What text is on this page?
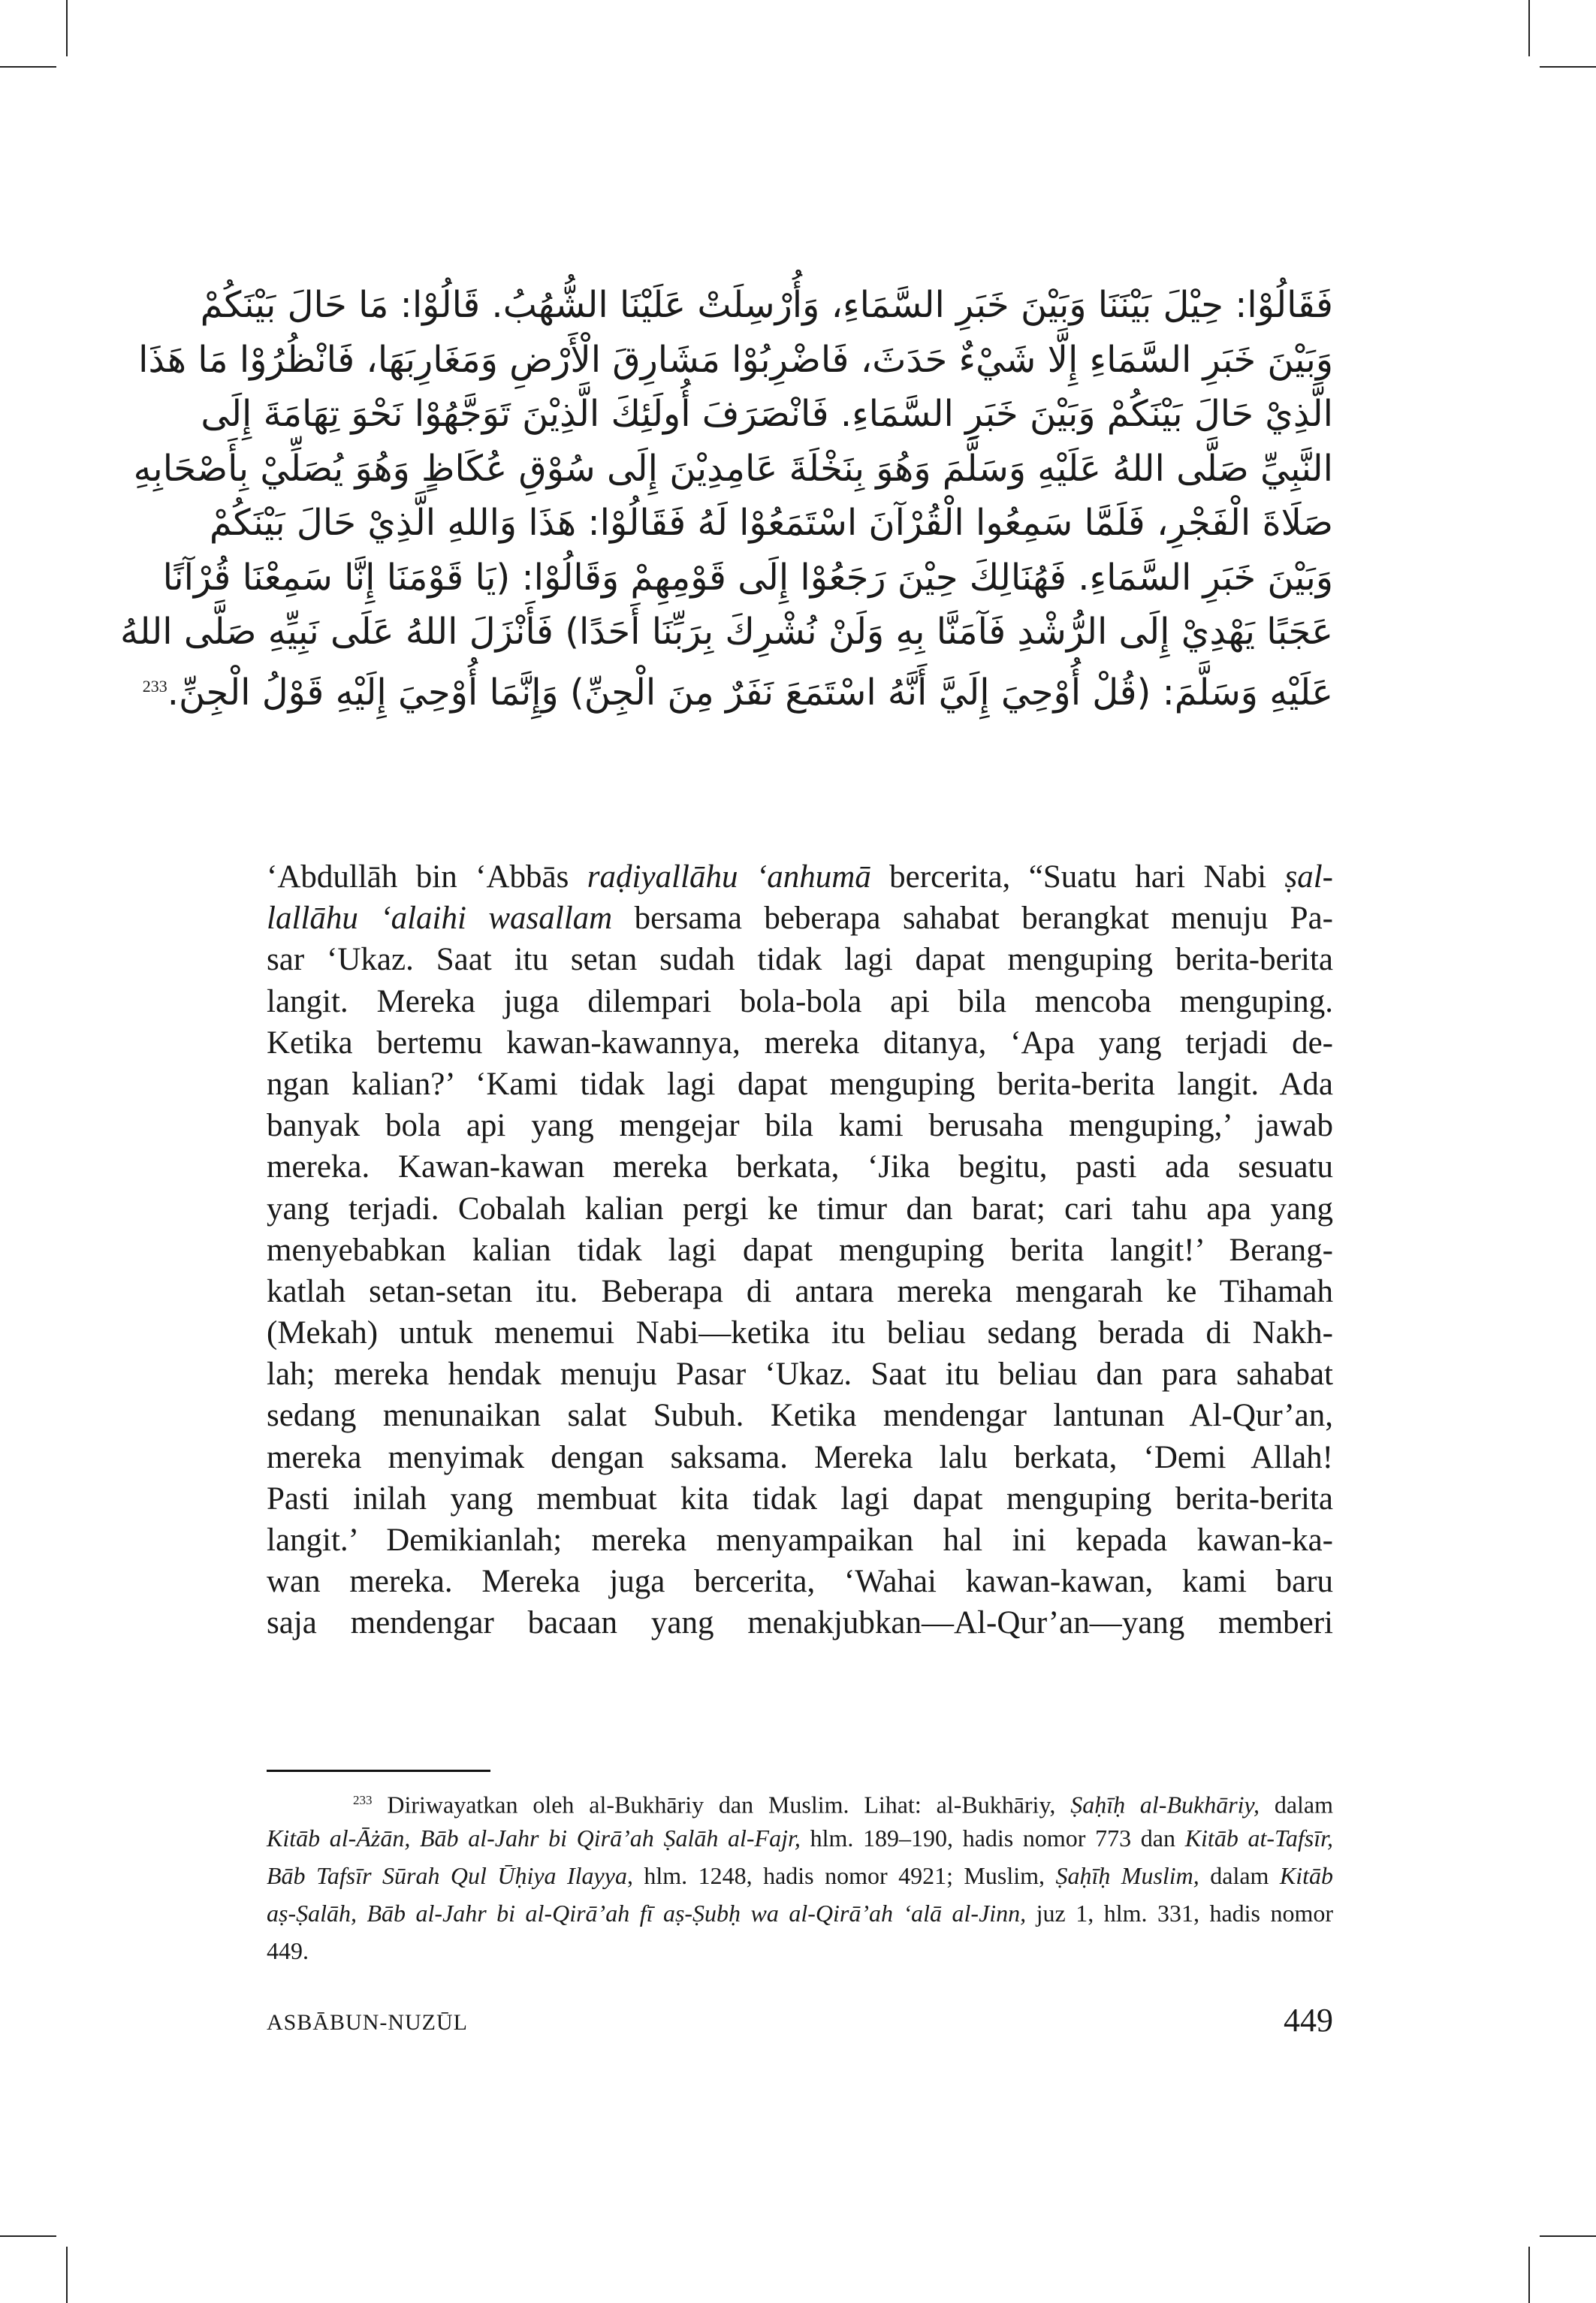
فَقَالُوْا: حِيْلَ بَيْنَنَا وَبَيْنَ خَبَرِ السَّمَاءِ، وَأُرْسِلَتْ عَلَيْنَا الشُّهُبُ. قَالُوْا: مَا حَالَ بَيْنَكُمْ
وَبَيْنَ خَبَرِ السَّمَاءِ إِلَّا شَيْءٌ حَدَثَ، فَاضْرِبُوْا مَشَارِقَ الْأَرْضِ وَمَغَارِبَهَا، فَانْظُرُوْا مَا هَذَا
الَّذِيْ حَالَ بَيْنَكُمْ وَبَيْنَ خَبَرِ السَّمَاءِ. فَانْصَرَفَ أُولَئِكَ الَّذِيْنَ تَوَجَّهُوْا نَحْوَ تِهَامَةَ إِلَى
النَّبِيِّ صَلَّى اللهُ عَلَيْهِ وَسَلَّمَ وَهُوَ بِنَخْلَةَ عَامِدِيْنَ إِلَى سُوْقِ عُكَاظٍ وَهُوَ يُصَلِّيْ بِأَصْحَابِهِ
صَلَاةَ الْفَجْرِ، فَلَمَّا سَمِعُوا الْقُرْآنَ اسْتَمَعُوْا لَهُ فَقَالُوْا: هَذَا وَاللهِ الَّذِيْ حَالَ بَيْنَكُمْ
وَبَيْنَ خَبَرِ السَّمَاءِ. فَهُنَالِكَ حِيْنَ رَجَعُوْا إِلَى قَوْمِهِمْ وَقَالُوْا: (يَا قَوْمَنَا إِنَّا سَمِعْنَا قُرْآنًا
عَجَبًا يَهْدِيْ إِلَى الرُّشْدِ فَآمَنَّا بِهِ وَلَنْ نُشْرِكَ بِرَبِّنَا أَحَدًا) فَأَنْزَلَ اللهُ عَلَى نَبِيِّهِ صَلَّى اللهُ
عَلَيْهِ وَسَلَّمَ: (قُلْ أُوْحِيَ إِلَيَّ أَنَّهُ اسْتَمَعَ نَفَرٌ مِنَ الْجِنِّ) وَإِنَّمَا أُوْحِيَ إِلَيْهِ قَوْلُ الْجِنِّ.$^{233}$
‘Abdullāh bin ‘Abbās raḍiyallāhu ‘anhumā bercerita, “Suatu hari Nabi ṣal-
lallāhu ‘alaihi wasallam bersama beberapa sahabat berangkat menuju Pa-
sar ‘Ukaz. Saat itu setan sudah tidak lagi dapat menguping berita-berita
langit. Mereka juga dilempari bola-bola api bila mencoba menguping.
Ketika bertemu kawan-kawannya, mereka ditanya, ‘Apa yang terjadi de-
ngan kalian?’ ‘Kami tidak lagi dapat menguping berita-berita langit. Ada
banyak bola api yang mengejar bila kami berusaha menguping,’ jawab
mereka. Kawan-kawan mereka berkata, ‘Jika begitu, pasti ada sesuatu
yang terjadi. Cobalah kalian pergi ke timur dan barat; cari tahu apa yang
menyebabkan kalian tidak lagi dapat menguping berita langit!’ Berang-
katlah setan-setan itu. Beberapa di antara mereka mengarah ke Tihamah
(Mekah) untuk menemui Nabi—ketika itu beliau sedang berada di Nakh-
lah; mereka hendak menuju Pasar ‘Ukaz. Saat itu beliau dan para sahabat
sedang menunaikan salat Subuh. Ketika mendengar lantunan Al-Qur’an,
mereka menyimak dengan saksama. Mereka lalu berkata, ‘Demi Allah!
Pasti inilah yang membuat kita tidak lagi dapat menguping berita-berita
langit.’ Demikianlah; mereka menyampaikan hal ini kepada kawan-ka-
wan mereka. Mereka juga bercerita, ‘Wahai kawan-kawan, kami baru
saja mendengar bacaan yang menakjubkan—Al-Qur’an—yang memberi
$^{233}$ Diriwayatkan oleh al-Bukhāriy dan Muslim. Lihat: al-Bukhāriy, Ṣaḥīḥ al-Bukhāriy, dalam
Kitāb al-Āżān, Bāb al-Jahr bi Qirā’ah Ṣalāh al-Fajr, hlm. 189–190, hadis nomor 773 dan Kitāb at-Tafsīr,
Bāb Tafsīr Sūrah Qul Ūḥiya Ilayya, hlm. 1248, hadis nomor 4921; Muslim, Ṣaḥīḥ Muslim, dalam Kitāb
aṣ-Ṣalāh, Bāb al-Jahr bi al-Qirā’ah fī aṣ-Ṣubḥ wa al-Qirā’ah ‘alā al-Jinn, juz 1, hlm. 331, hadis nomor
449.
ASBĀBUN-NUZŪL	449
